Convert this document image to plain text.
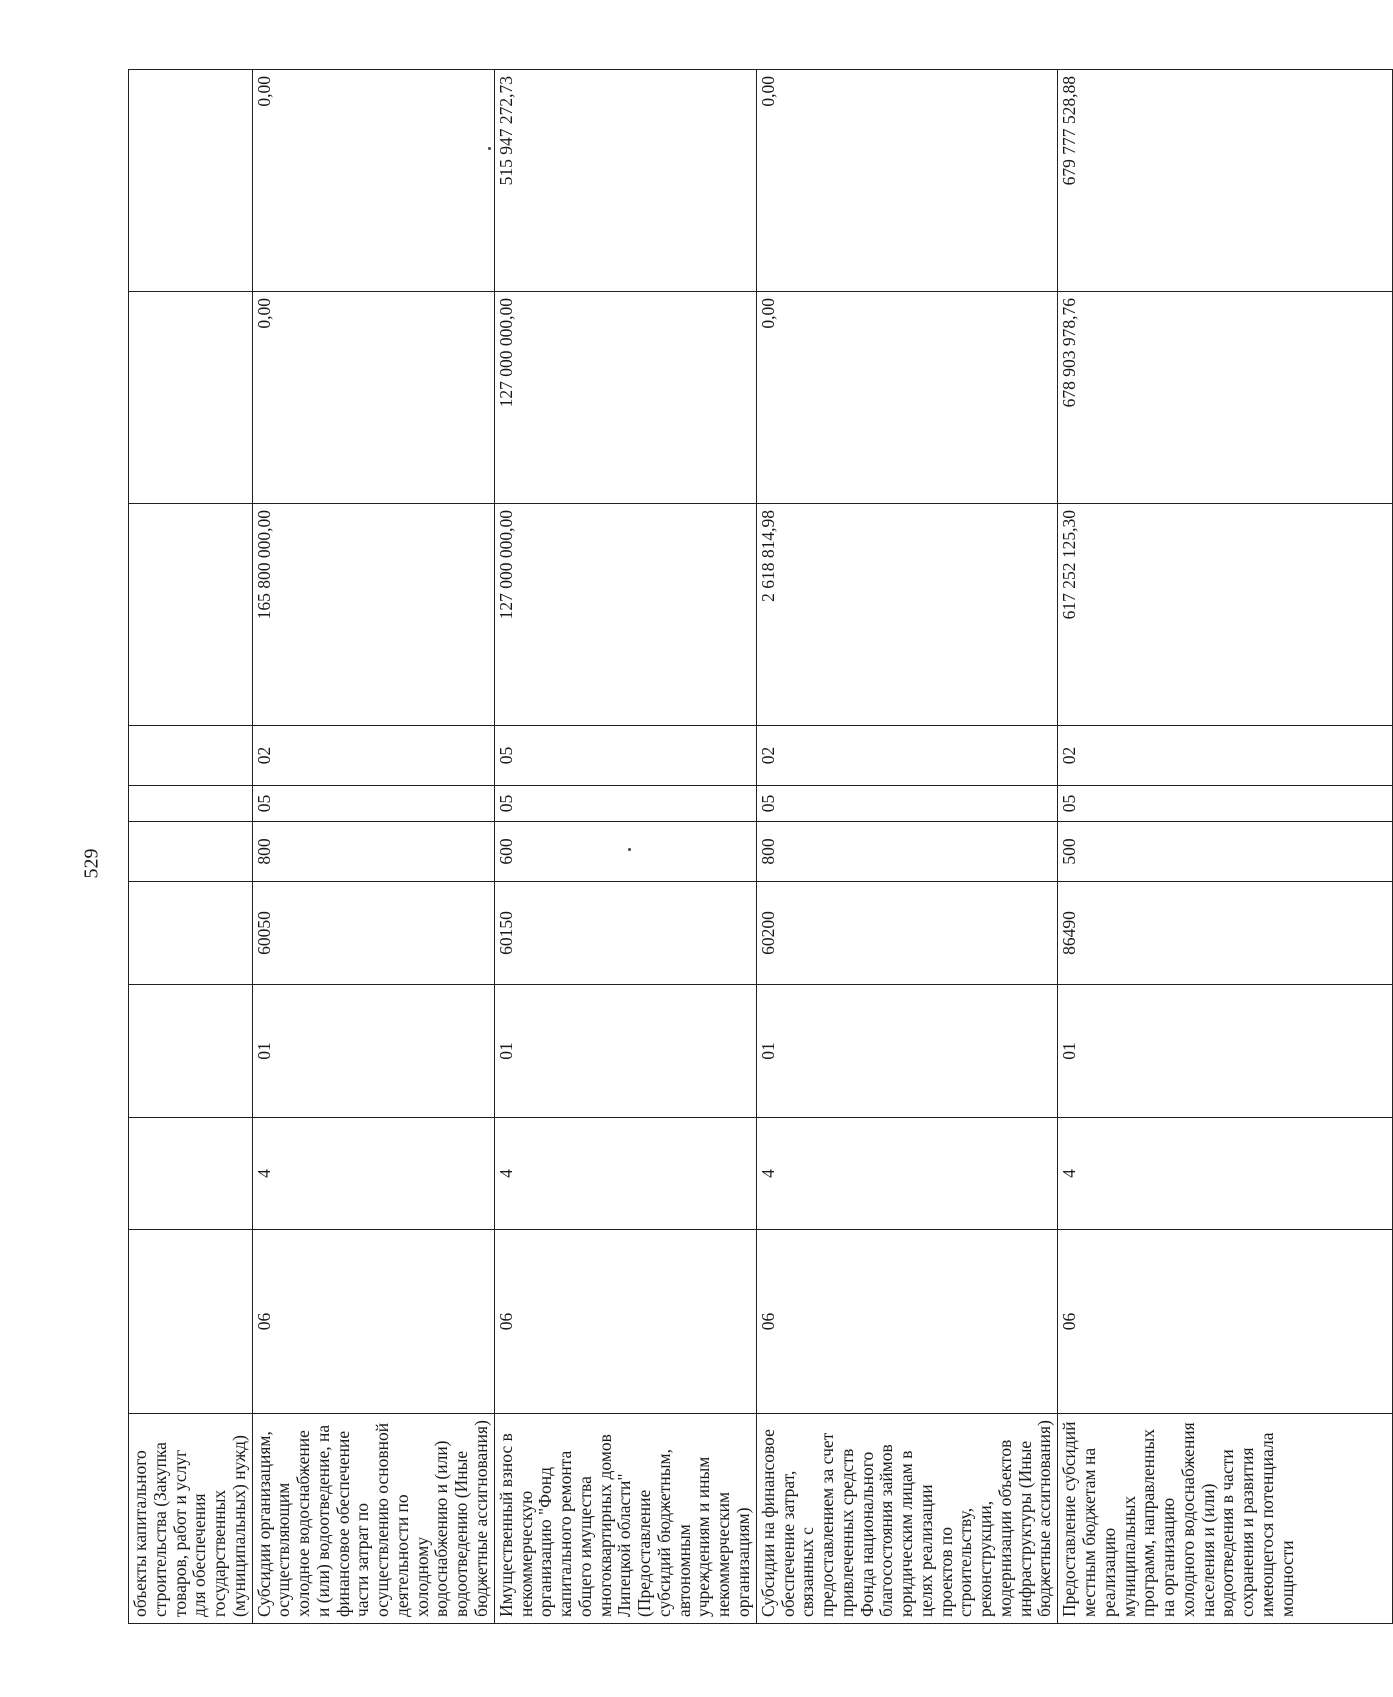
529
объекты капитального строительства (Закупка товаров, работ и услуг для обеспечения государственных (муниципальных) нужд)										
Субсидии организациям, осуществляющим холодное водоснабжение и (или) водоотведение, на финансовое обеспечение части затрат по осуществлению основной деятельности по холодному водоснабжению и (или) водоотведению (Иные бюджетные ассигнования)	06	4	01	60050	800	05	02	165 800 000,00	0,00	0,00
Имущественный взнос в некоммерческую организацию "Фонд капитального ремонта общего имущества многоквартирных домов Липецкой области" (Предоставление субсидий бюджетным, автономным учреждениям и иным некоммерческим организациям)	06	4	01	60150	600	05	05	127 000 000,00	127 000 000,00	515 947 272,73
Субсидии на финансовое обеспечение затрат, связанных с предоставлением за счет привлеченных средств Фонда национального благосостояния займов юридическим лицам в целях реализации проектов по строительству, реконструкции, модернизации объектов инфраструктуры (Иные бюджетные ассигнования)	06	4	01	60200	800	05	02	2 618 814,98	0,00	0,00
Предоставление субсидий местным бюджетам на реализацию муниципальных программ, направленных на организацию холодного водоснабжения населения и (или) водоотведения в части сохранения и развития имеющегося потенциала мощности	06	4	01	86490	500	05	02	617 252 125,30	678 903 978,76	679 777 528,88
